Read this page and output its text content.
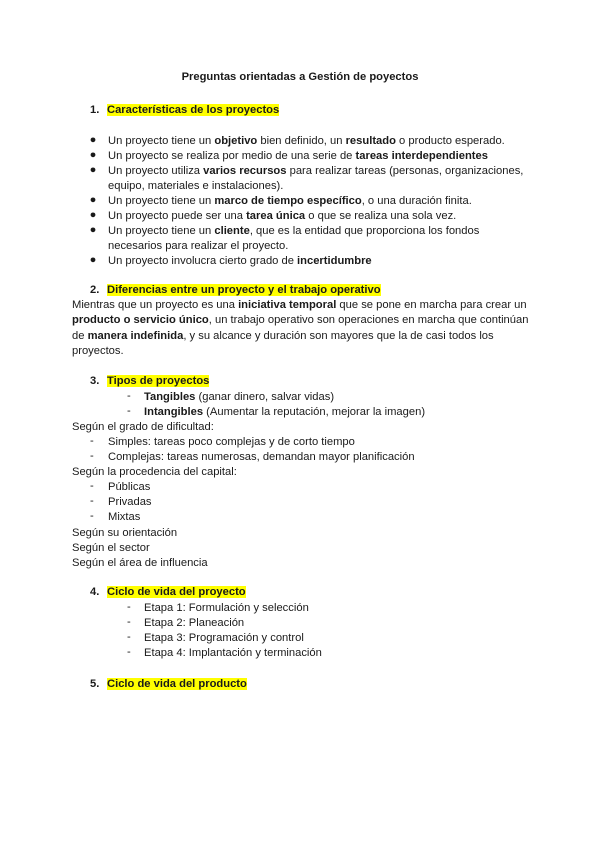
Preguntas orientadas a Gestión de poyectos
1. Características de los proyectos
● Un proyecto tiene un objetivo bien definido, un resultado o producto esperado.
● Un proyecto se realiza por medio de una serie de tareas interdependientes
● Un proyecto utiliza varios recursos para realizar tareas (personas, organizaciones,
equipo, materiales e instalaciones).
● Un proyecto tiene un marco de tiempo específico, o una duración finita.
● Un proyecto puede ser una tarea única o que se realiza una sola vez.
● Un proyecto tiene un cliente, que es la entidad que proporciona los fondos
necesarios para realizar el proyecto.
● Un proyecto involucra cierto grado de incertidumbre
2. Diferencias entre un proyecto y el trabajo operativo
Mientras que un proyecto es una iniciativa temporal que se pone en marcha para crear un producto o servicio único, un trabajo operativo son operaciones en marcha que continúan de manera indefinida, y su alcance y duración son mayores que la de casi todos los proyectos.
3. Tipos de proyectos
- Tangibles (ganar dinero, salvar vidas)
- Intangibles (Aumentar la reputación, mejorar la imagen)
Según el grado de dificultad:
- Simples: tareas poco complejas y de corto tiempo
- Complejas: tareas numerosas, demandan mayor planificación
Según la procedencia del capital:
- Públicas
- Privadas
- Mixtas
Según su orientación
Según el sector
Según el área de influencia
4. Ciclo de vida del proyecto
- Etapa 1: Formulación y selección
- Etapa 2: Planeación
- Etapa 3: Programación y control
- Etapa 4: Implantación y terminación
5. Ciclo de vida del producto
